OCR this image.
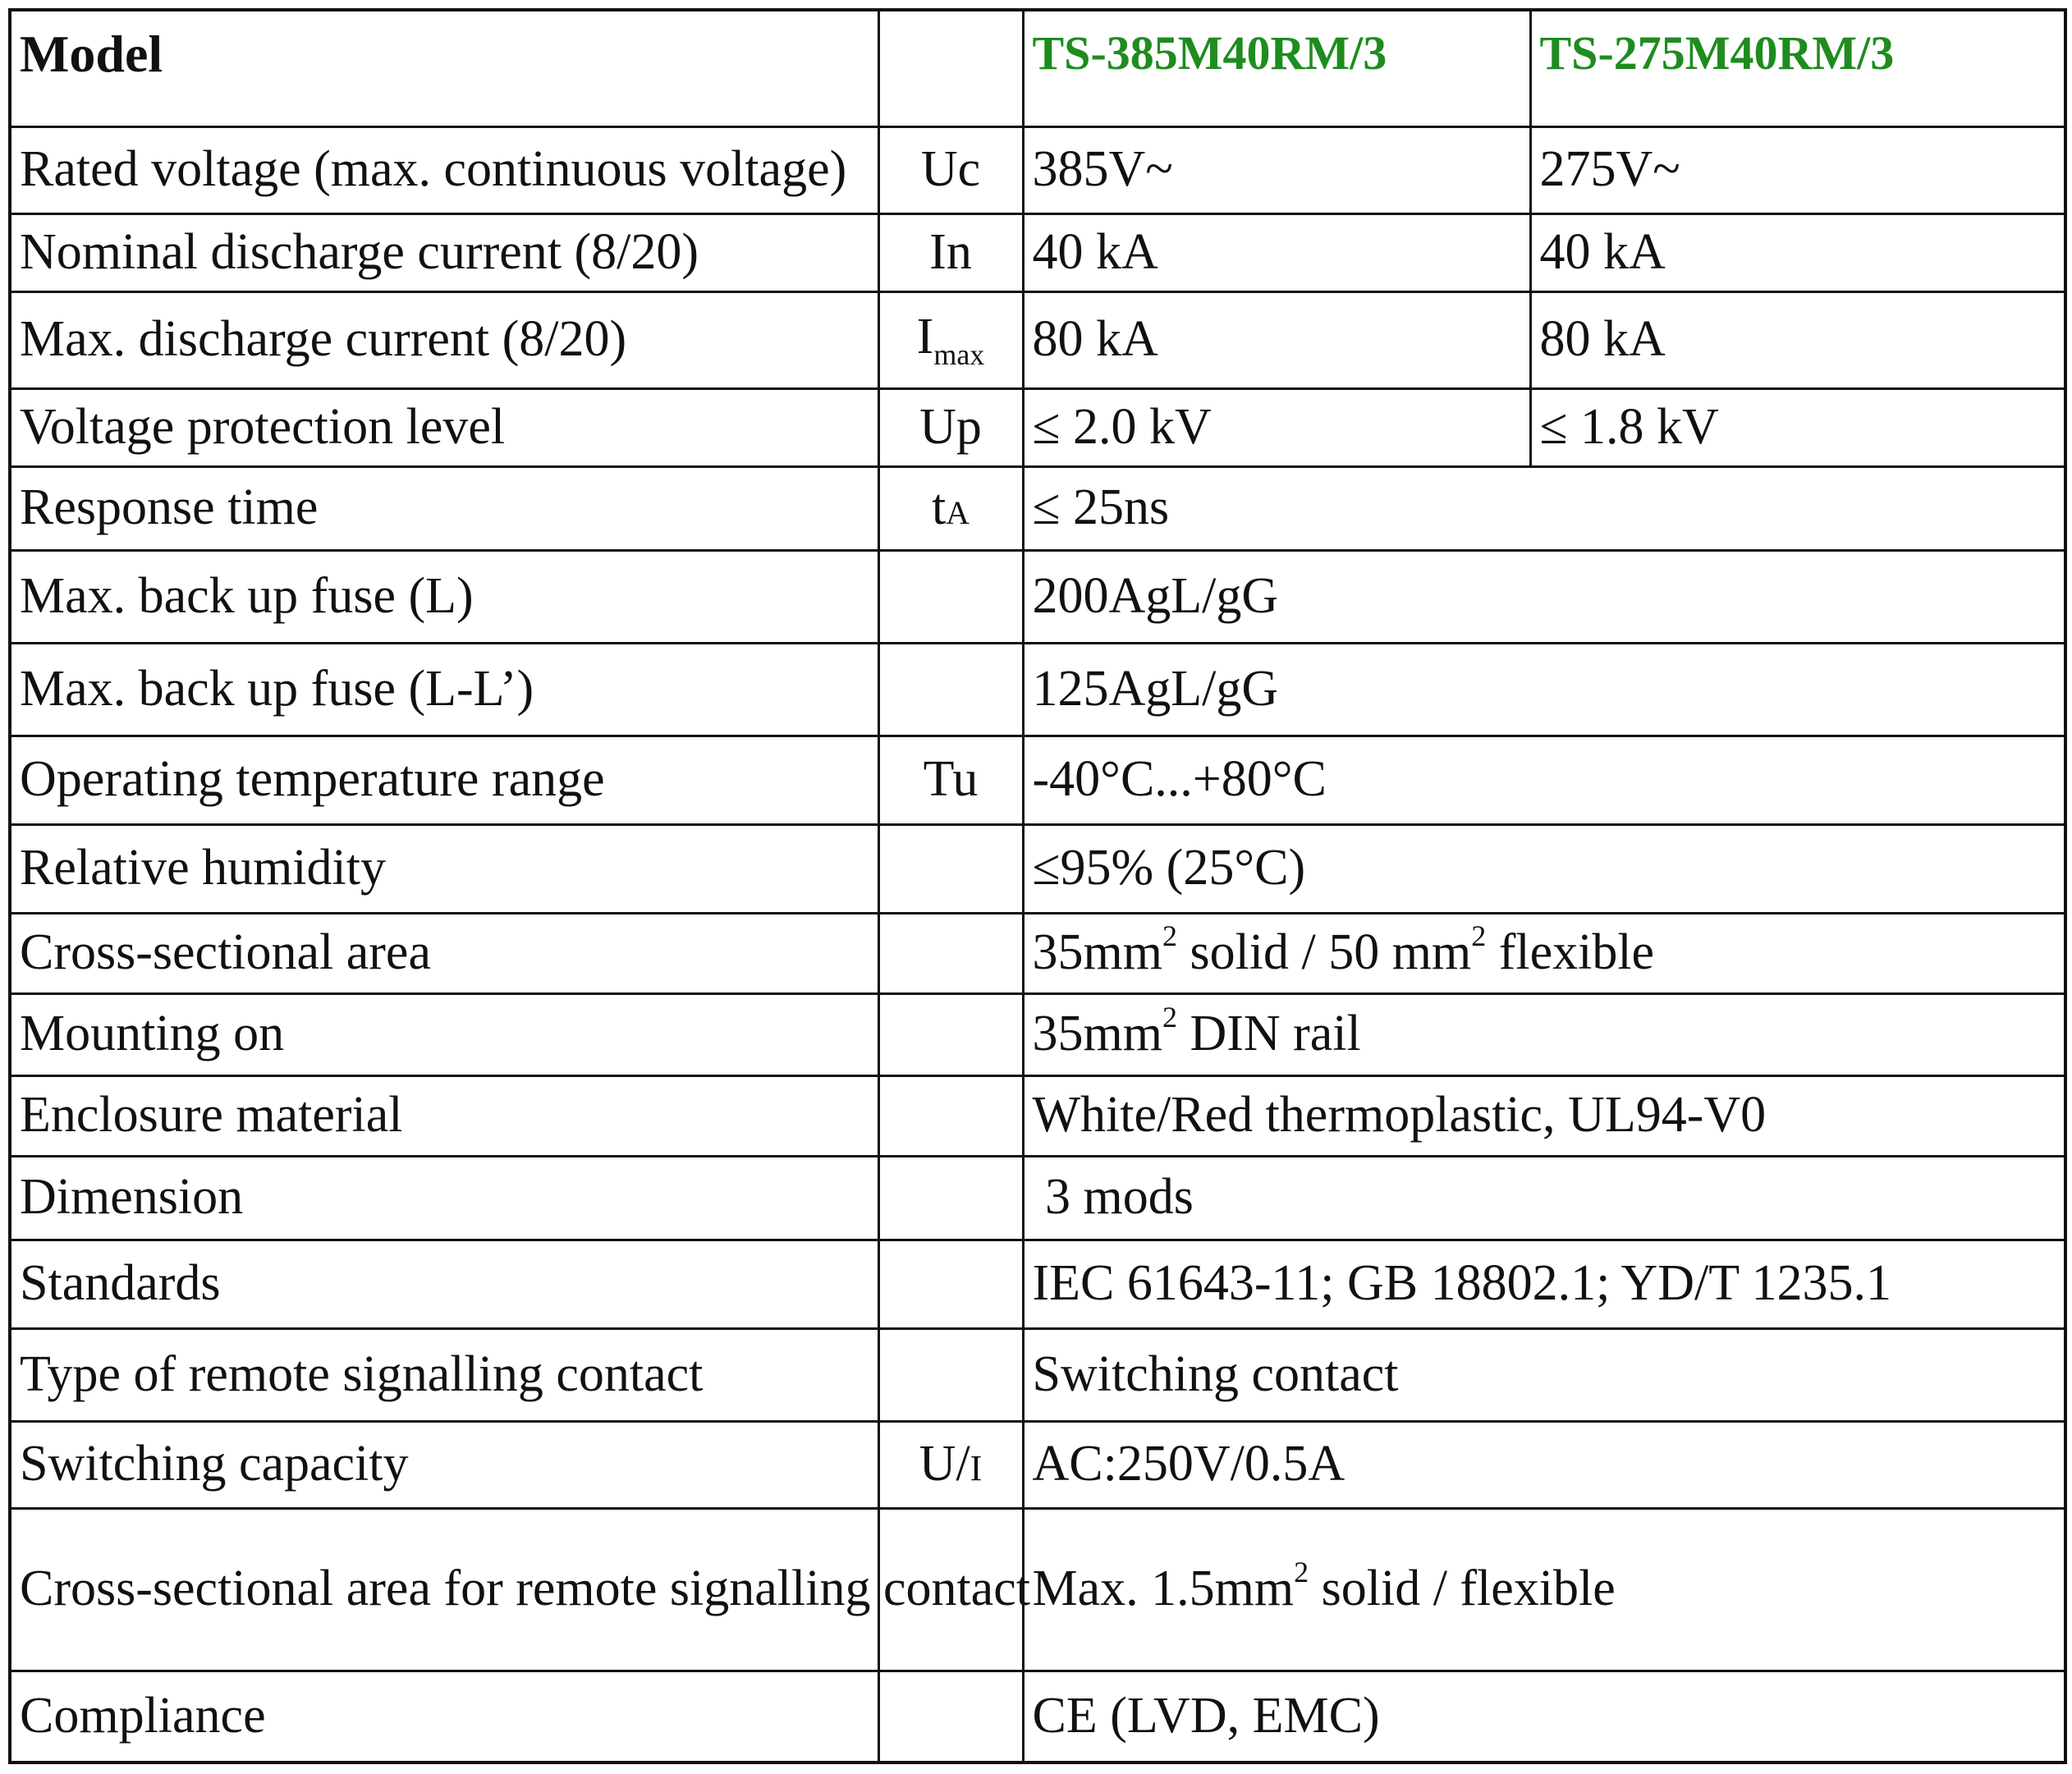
Model		TS-385M40RM/3	TS-275M40RM/3
Rated voltage (max. continuous voltage)	Uc	385V~	275V~
Nominal discharge current (8/20)	In	40 kA	40 kA
Max. discharge current (8/20)	$I_{max}$	80 kA	80 kA
Voltage protection level	Up	≤ 2.0 kV	≤ 1.8 kV
Response time	tA	≤ 25ns	
Max. back up fuse (L)		200AgL/gG	
Max. back up fuse (L-L’)		125AgL/gG	
Operating temperature range	Tu	-40°C...+80°C	
Relative humidity		≤95% (25°C)	
Cross-sectional area		$35mm^2$ solid / 50 $mm^2$ flexible	
Mounting on		$35mm^2$ DIN rail	
Enclosure material		White/Red thermoplastic, UL94-V0	
Dimension		3 mods	
Standards		IEC 61643-11; GB 18802.1; YD/T 1235.1	
Type of remote signalling contact		Switching contact	
Switching capacity	U/I	AC:250V/0.5A	
Cross-sectional area for remote signalling contact		Max. $1.5mm^2$ solid / flexible	
Compliance		CE (LVD, EMC)	
